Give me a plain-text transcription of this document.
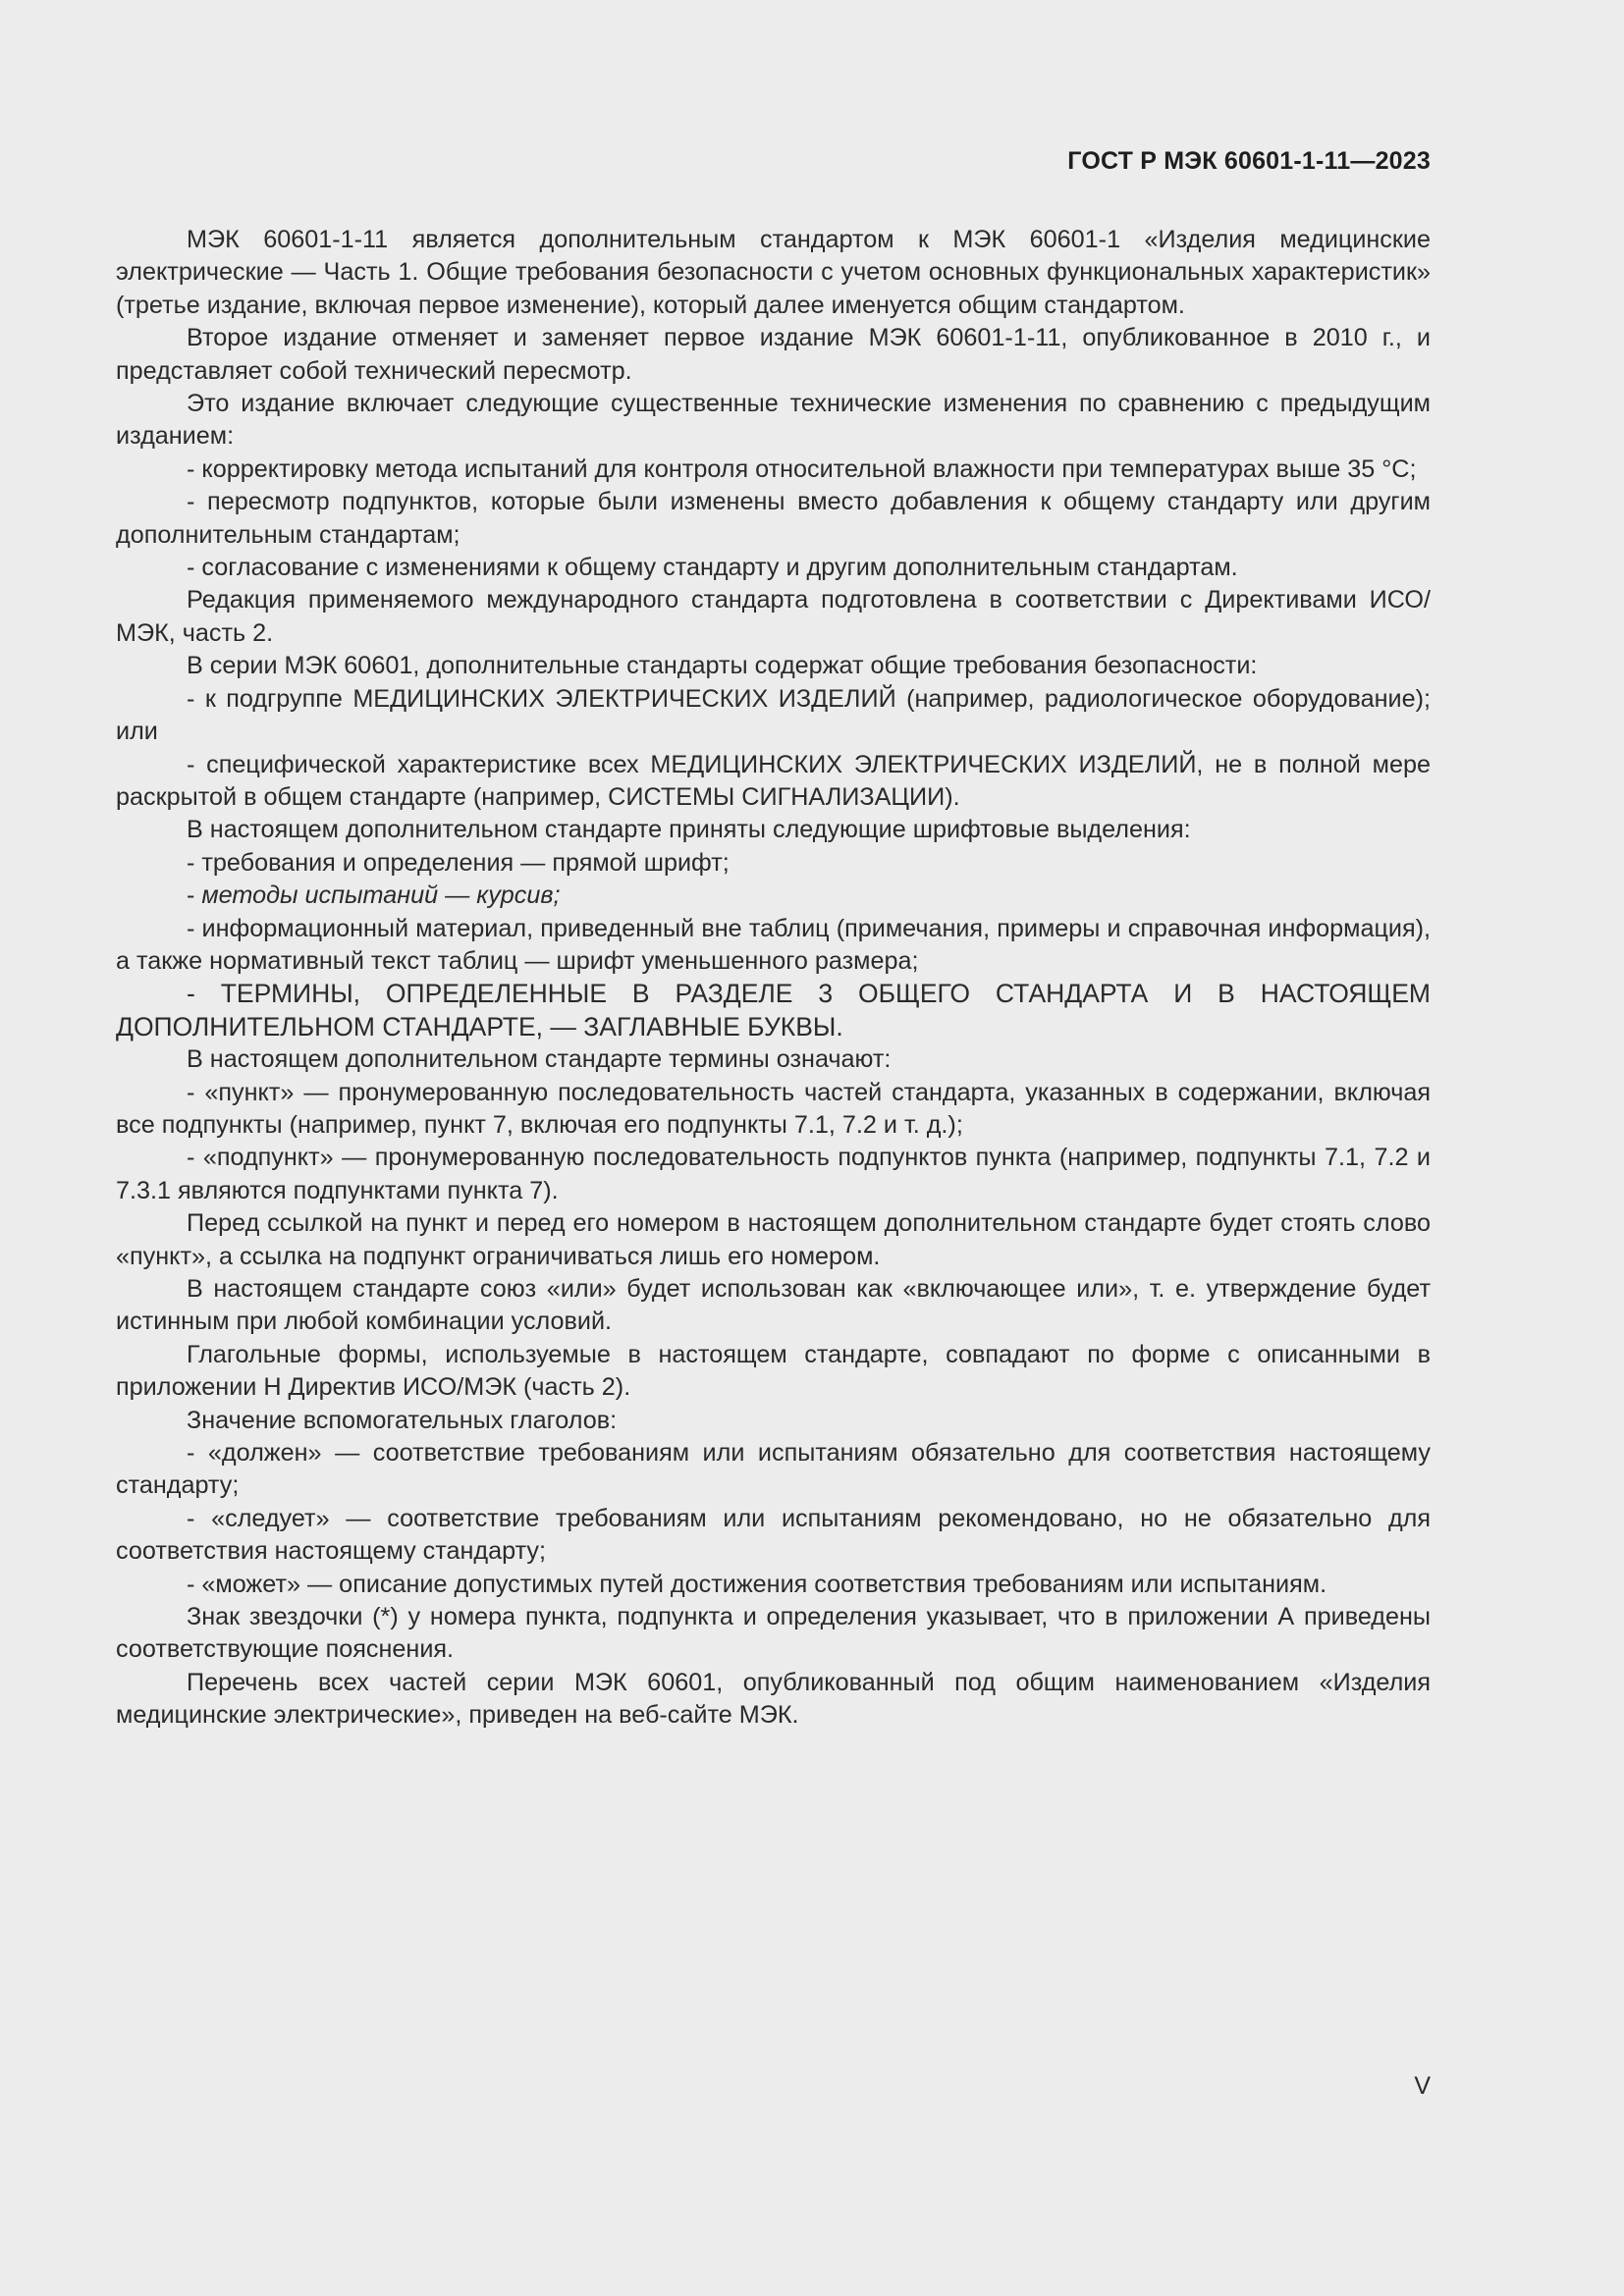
ГОСТ Р МЭК 60601-1-11—2023

МЭК 60601-1-11 является дополнительным стандартом к МЭК 60601-1 «Изделия медицинские электрические — Часть 1. Общие требования безопасности с учетом основных функциональных характеристик» (третье издание, включая первое изменение), который далее именуется общим стандартом.

Второе издание отменяет и заменяет первое издание МЭК 60601-1-11, опубликованное в 2010 г., и представляет собой технический пересмотр.

Это издание включает следующие существенные технические изменения по сравнению с предыдущим изданием:

- корректировку метода испытаний для контроля относительной влажности при температурах выше 35 °C;

- пересмотр подпунктов, которые были изменены вместо добавления к общему стандарту или другим дополнительным стандартам;

- согласование с изменениями к общему стандарту и другим дополнительным стандартам.

Редакция применяемого международного стандарта подготовлена в соответствии с Директивами ИСО/МЭК, часть 2.

В серии МЭК 60601, дополнительные стандарты содержат общие требования безопасности:

- к подгруппе МЕДИЦИНСКИХ ЭЛЕКТРИЧЕСКИХ ИЗДЕЛИЙ (например, радиологическое оборудование); или

- специфической характеристике всех МЕДИЦИНСКИХ ЭЛЕКТРИЧЕСКИХ ИЗДЕЛИЙ, не в полной мере раскрытой в общем стандарте (например, СИСТЕМЫ СИГНАЛИЗАЦИИ).

В настоящем дополнительном стандарте приняты следующие шрифтовые выделения:

- требования и определения — прямой шрифт;

- методы испытаний — курсив;

- информационный материал, приведенный вне таблиц (примечания, примеры и справочная информация), а также нормативный текст таблиц — шрифт уменьшенного размера;

- ТЕРМИНЫ, ОПРЕДЕЛЕННЫЕ В РАЗДЕЛЕ 3 ОБЩЕГО СТАНДАРТА И В НАСТОЯЩЕМ ДОПОЛНИТЕЛЬНОМ СТАНДАРТЕ, — ЗАГЛАВНЫЕ БУКВЫ.

В настоящем дополнительном стандарте термины означают:

- «пункт» — пронумерованную последовательность частей стандарта, указанных в содержании, включая все подпункты (например, пункт 7, включая его подпункты 7.1, 7.2 и т. д.);

- «подпункт» — пронумерованную последовательность подпунктов пункта (например, подпункты 7.1, 7.2 и 7.3.1 являются подпунктами пункта 7).

Перед ссылкой на пункт и перед его номером в настоящем дополнительном стандарте будет стоять слово «пункт», а ссылка на подпункт ограничиваться лишь его номером.

В настоящем стандарте союз «или» будет использован как «включающее или», т. е. утверждение будет истинным при любой комбинации условий.

Глагольные формы, используемые в настоящем стандарте, совпадают по форме с описанными в приложении Н Директив ИСО/МЭК (часть 2).

Значение вспомогательных глаголов:

- «должен» — соответствие требованиям или испытаниям обязательно для соответствия настоящему стандарту;

- «следует» — соответствие требованиям или испытаниям рекомендовано, но не обязательно для соответствия настоящему стандарту;

- «может» — описание допустимых путей достижения соответствия требованиям или испытаниям.

Знак звездочки (*) у номера пункта, подпункта и определения указывает, что в приложении А приведены соответствующие пояснения.

Перечень всех частей серии МЭК 60601, опубликованный под общим наименованием «Изделия медицинские электрические», приведен на веб-сайте МЭК.

V
